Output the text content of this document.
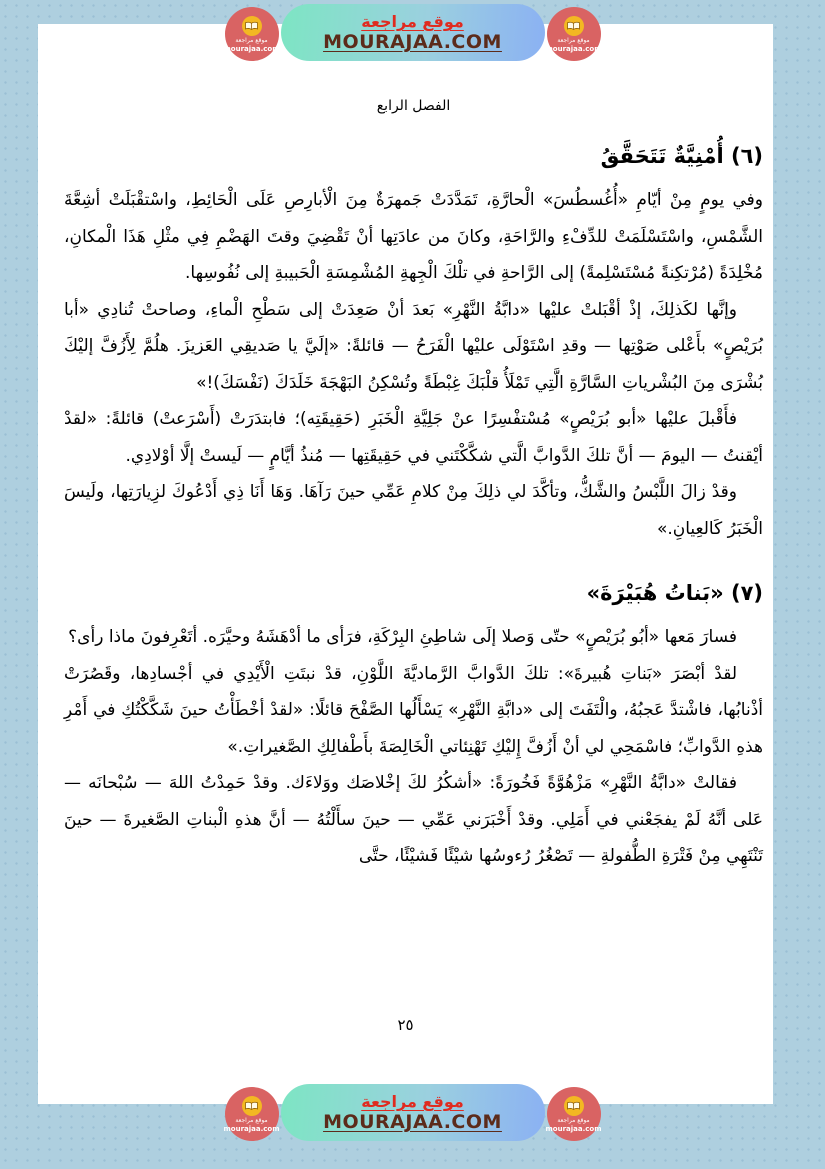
الفصل الرابع
(٦) أُمْنِيَّةٌ تَتَحَقَّقُ

وفي يومٍ مِنْ أيّامِ «أُغُسطُسَ» الْحارَّةِ، تَمَدَّدَتْ جَمهرَةٌ مِنَ الْأبارِصِ عَلَى الْحَائِطِ، واسْتقْبَلَتْ أشِعَّةَ الشَّمْسِ، واسْتَسْلَمَتْ للدِّفْءِ والرَّاحَةِ، وكانَ من عادَتِها أنْ تَقْضِيَ وقتَ الهَضْمِ فِي مثْلِ هَذَا الْمكانِ، مُخْلِدَةً (مُرْتكِنةً مُسْتَسْلِمةً) إلى الرَّاحةِ في تلْكَ الْجِهةِ المُشْمِسَةِ الْحَبيبةِ إلى نُفُوسِها.

وإنَّها لكَذلِكَ، إذْ أقْبَلتْ عليْها «دابَّةُ النَّهْرِ» بَعدَ أنْ صَعِدَتْ إلى سَطْحِ الْماءِ، وصاحتْ تُنادِي «أبا بُرَيْصٍ» بأَعْلى صَوْتِها — وقدِ اسْتَوْلَى عليْها الْفَرَحُ — قائلةً: «إلَيَّ يا صَديقِي العَزيزَ. هلُمَّ لِأَزُفَّ إليْكَ بُشْرَى مِنَ البُشْرياتِ السَّارَّةِ الَّتِي تَمْلَأُ قلْبَكَ غِبْطَةً وتُسْكِنُ البَهْجَةَ خَلَدَكَ (نَفْسَكَ)!»

فأَقْبلَ عليْها «أبو بُرَيْصٍ» مُسْتفْسِرًا عنْ جَلِيَّةِ الْخَبَرِ (حَقِيقَتِه)؛ فابتدَرَتْ (أَسْرَعتْ) قائلةً: «لقدْ أيْقنتُ — اليومَ — أنَّ تلكَ الدَّوابَّ الَّتي شكَّكْتَني في حَقِيقَتِها — مُنذُ أيَّامٍ — لَيستْ إلَّا أوْلادِي.

وقدْ زالَ اللَّبْسُ والشَّكُّ، وتأكَّدَ لي ذلِكَ مِنْ كلامِ عَمِّي حينَ رَآهَا. وَهَا أَنَا ذِي أَدْعُوكَ لزِيارَتِها، ولَيسَ الْخَبَرُ كَالعِيانِ.»

(٧) «بَناتُ هُبَيْرَةَ»

فسارَ مَعها «أبُو بُرَيْصٍ» حتّى وَصلا إلَى شاطِئِ البِرْكَةِ، فرَأى ما أدْهَشَهُ وحيَّرَه. أتَعْرِفونَ ماذا رأى؟

لقدْ أبْصَرَ «بَناتِ هُبيرةَ»: تلكَ الدَّوابَّ الرَّماديَّةَ اللَّوْنِ، قدْ نبتَتِ الْأَيْدِي في أجْسادِها، وقَصُرَتْ أذْنابُها، فاشْتدَّ عَجبُهُ، والْتَفَتَ إلى «دابَّةِ النَّهْرِ» يَسْأَلُها الصَّفْحَ قائلًا: «لقدْ أخْطَأْتُ حينَ شَكَّكْتُكِ في أَمْرِ هذهِ الدَّوابِّ؛ فاسْمَحِي لي أنْ أَزُفَّ إِليْكِ تَهْنِئاتي الْخَالِصَةَ بأَطْفالِكِ الصَّغيراتِ.»

فقالتْ «دابَّةُ النَّهْرِ» مَزْهُوَّةً فَخُورَةً: «أشكُرُ لكَ إخْلاصَك ووَلاءَك. وقدْ حَمِدْتُ اللهَ — سُبْحانَه — عَلى أنَّهُ لَمْ يفجَعْني في أَمَلِي. وقدْ أَخْبَرَني عَمِّي — حينَ سأَلْتُهُ — أنَّ هذهِ الْبناتِ الصَّغيرةَ — حينَ تَنْتَهِي مِنْ فَتْرَةِ الطُّفولةِ — تَصْغُرُ رُءوسُها شيْئًا فَشيْئًا، حتَّى

٢٥
موقع مراجعة
mourajaa.com
موقع مراجعة
MOURAJAA.COM	موقع مراجعة
mourajaa.com
موقع مراجعة
mourajaa.com
موقع مراجعة
MOURAJAA.COM	موقع مراجعة
mourajaa.com
